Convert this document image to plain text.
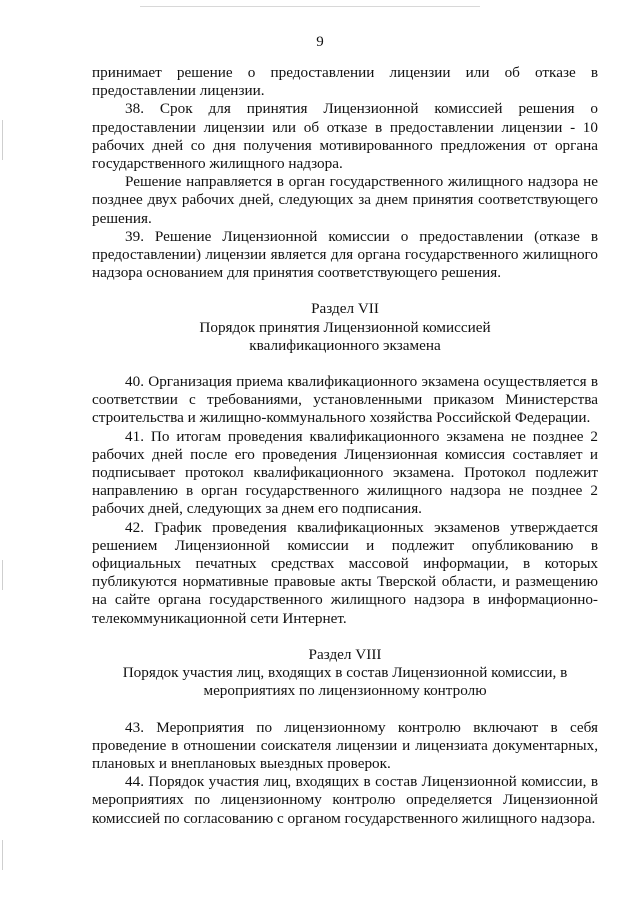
9

принимает решение о предоставлении лицензии или об отказе в предоставлении лицензии.

38. Срок для принятия Лицензионной комиссией решения о предоставлении лицензии или об отказе в предоставлении лицензии - 10 рабочих дней со дня получения мотивированного предложения от органа государственного жилищного надзора.

Решение направляется в орган государственного жилищного надзора не позднее двух рабочих дней, следующих за днем принятия соответствующего решения.

39. Решение Лицензионной комиссии о предоставлении (отказе в предоставлении) лицензии является для органа государственного жилищного надзора основанием для принятия соответствующего решения.

Раздел VII

Порядок принятия Лицензионной комиссией

квалификационного экзамена

40. Организация приема квалификационного экзамена осуществляется в соответствии с требованиями, установленными приказом Министерства строительства и жилищно-коммунального хозяйства Российской Федерации.

41. По итогам проведения квалификационного экзамена не позднее 2 рабочих дней после его проведения Лицензионная комиссия составляет и подписывает протокол квалификационного экзамена. Протокол подлежит направлению в орган государственного жилищного надзора не позднее 2 рабочих дней, следующих за днем его подписания.

42. График проведения квалификационных экзаменов утверждается решением Лицензионной комиссии и подлежит опубликованию в официальных печатных средствах массовой информации, в которых публикуются нормативные правовые акты Тверской области, и размещению на сайте органа государственного жилищного надзора в информационно-телекоммуникационной сети Интернет.

Раздел VIII

Порядок участия лиц, входящих в состав Лицензионной комиссии, в

мероприятиях по лицензионному контролю

43. Мероприятия по лицензионному контролю включают в себя проведение в отношении соискателя лицензии и лицензиата документарных, плановых и внеплановых выездных проверок.

44. Порядок участия лиц, входящих в состав Лицензионной комиссии, в мероприятиях по лицензионному контролю определяется Лицензионной комиссией по согласованию с органом государственного жилищного надзора.
